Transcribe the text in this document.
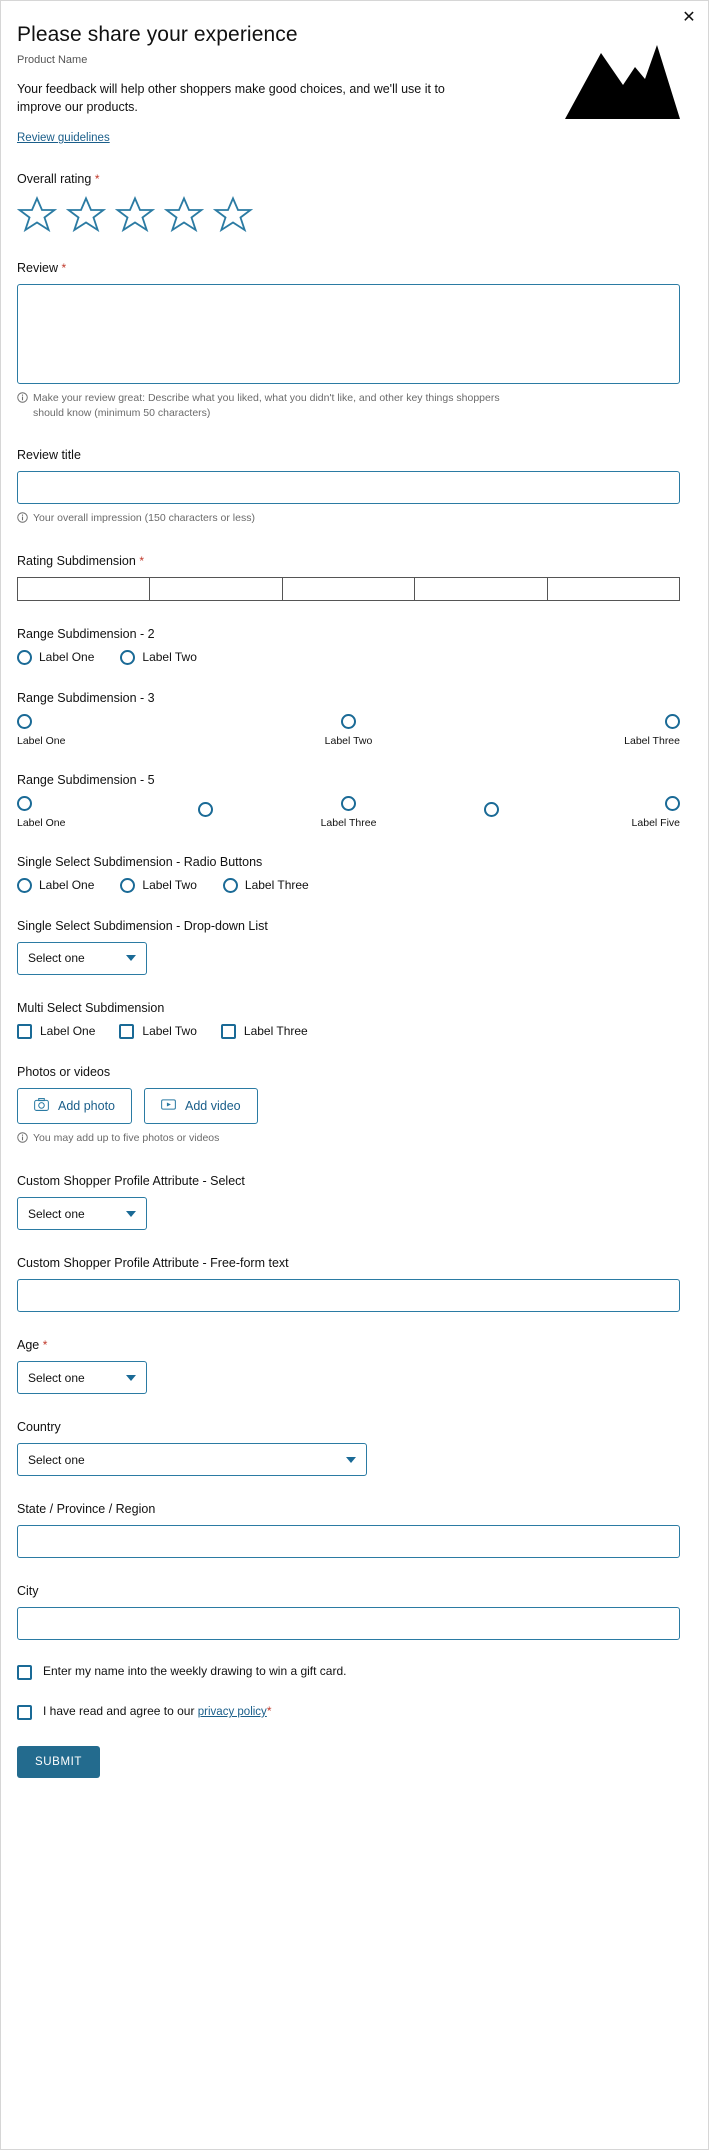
✕
Please share your experience
Product Name
Your feedback will help other shoppers make good choices, and we'll use it to improve our products.
Review guidelines
Overall rating *
Review *
Make your review great: Describe what you liked, what you didn't like, and other key things shoppers should know (minimum 50 characters)
Review title
Your overall impression (150 characters or less)
Rating Subdimension *
Range Subdimension - 2
Label One	Label Two
Range Subdimension - 3
Label One	Label Two	Label Three
Range Subdimension - 5
Label One	Label Three	Label Five
Single Select Subdimension - Radio Buttons
Label One	Label Two	Label Three
Single Select Subdimension - Drop-down List
Select one
Multi Select Subdimension
Label One	Label Two	Label Three
Photos or videos
Add photo	Add video
You may add up to five photos or videos
Custom Shopper Profile Attribute - Select
Select one
Custom Shopper Profile Attribute - Free-form text
Age *
Select one
Country
Select one
State / Province / Region
City
Enter my name into the weekly drawing to win a gift card.
I have read and agree to our privacy policy*
SUBMIT
